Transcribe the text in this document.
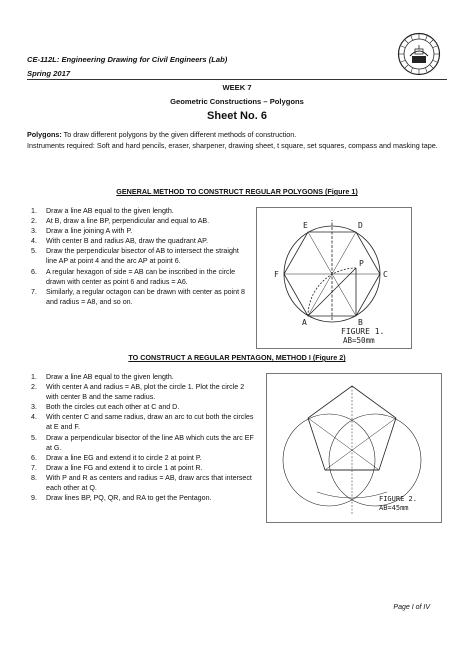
CE-112L: Engineering Drawing for Civil Engineers (Lab)
Spring 2017
WEEK 7
Geometric Constructions – Polygons
Sheet No. 6
Polygons: To draw different polygons by the given different methods of construction.
Instruments required: Soft and hard pencils, eraser, sharpener, drawing sheet, t square, set squares, compass and masking tape.
GENERAL METHOD TO CONSTRUCT REGULAR POLYGONS (Figure 1)
1. Draw a line AB equal to the given length.
2. At B, draw a line BP, perpendicular and equal to AB.
3. Draw a line joining A with P.
4. With center B and radius AB, draw the quadrant AP.
5. Draw the perpendicular bisector of AB to intersect the straight line AP at point 4 and the arc AP at point 6.
6. A regular hexagon of side = AB can be inscribed in the circle drawn with center as point 6 and radius = A6.
7. Similarly, a regular octagon can be drawn with center as point 8 and radius = A8, and so on.
E	D
F	C
A	B
P
FIGURE 1.
AB=50mm
TO CONSTRUCT A REGULAR PENTAGON, METHOD I (Figure 2)
1. Draw a line AB equal to the given length.
2. With center A and radius = AB, plot the circle 1. Plot the circle 2 with center B and the same radius.
3. Both the circles cut each other at C and D.
4. With center C and same radius, draw an arc to cut both the circles at E and F.
5. Draw a perpendicular bisector of the line AB which cuts the arc EF at G.
6. Draw a line EG and extend it to circle 2 at point P.
7. Draw a line FG and extend it to circle 1 at point R.
8. With P and R as centers and radius = AB, draw arcs that intersect each other at Q.
9. Draw lines BP, PQ, QR, and RA to get the Pentagon.	FIGURE 2.
AB=45mm
Page I of IV
